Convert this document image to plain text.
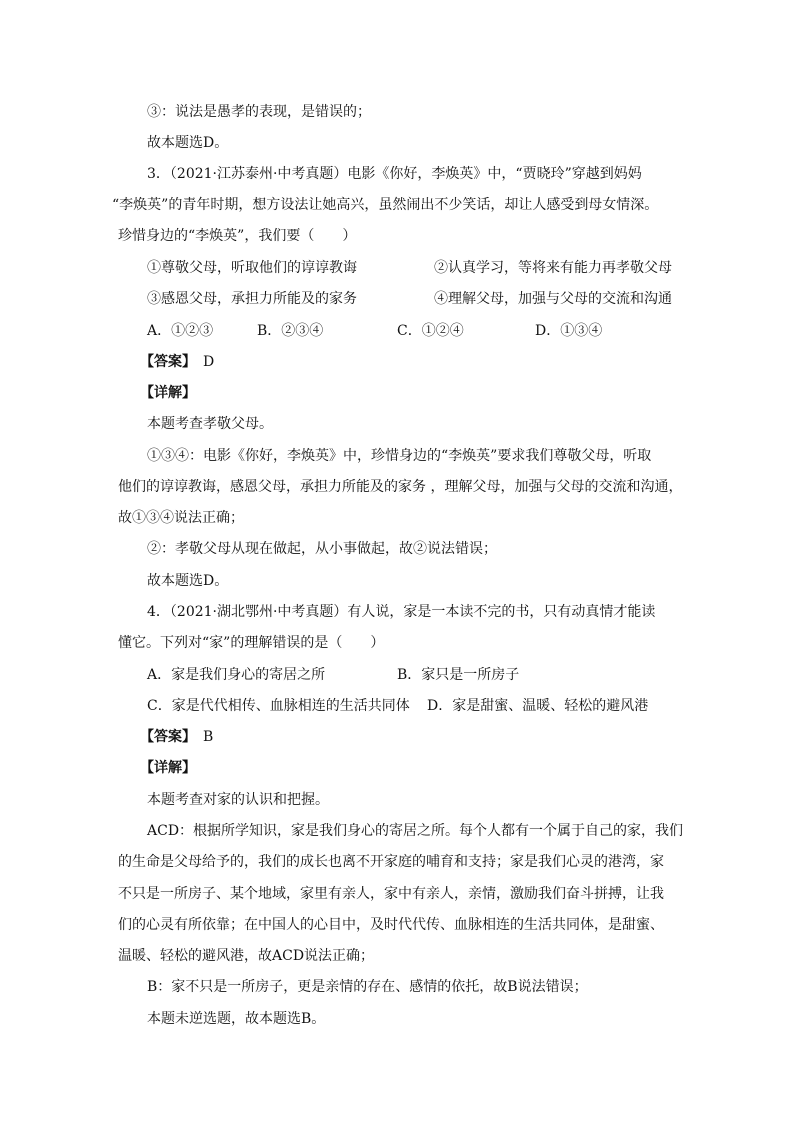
③：说法是愚孝的表现，是错误的；
故本题选D。
3．（2021·江苏泰州·中考真题）电影《你好，李焕英》中，“贾晓玲”穿越到妈妈
“李焕英”的青年时期，想方设法让她高兴，虽然闹出不少笑话，却让人感受到母女情深。
珍惜身边的“李焕英”，我们要（　　）
①尊敬父母，听取他们的谆谆教诲	②认真学习，等将来有能力再孝敬父母
③感恩父母，承担力所能及的家务	④理解父母，加强与父母的交流和沟通
A．①②③	B．②③④	C．①②④	D．①③④
【答案】 D
【详解】
本题考查孝敬父母。
①③④：电影《你好，李焕英》中，珍惜身边的“李焕英”要求我们尊敬父母，听取
他们的谆谆教诲，感恩父母，承担力所能及的家务 ，理解父母，加强与父母的交流和沟通，
故①③④说法正确；
②：孝敬父母从现在做起，从小事做起，故②说法错误；
故本题选D。
4．（2021·湖北鄂州·中考真题）有人说，家是一本读不完的书，只有动真情才能读
懂它。下列对“家”的理解错误的是（　　）
A．家是我们身心的寄居之所	B．家只是一所房子
C．家是代代相传、血脉相连的生活共同体 D．家是甜蜜、温暖、轻松的避风港
【答案】 B
【详解】
本题考查对家的认识和把握。
ACD：根据所学知识，家是我们身心的寄居之所。每个人都有一个属于自己的家，我们
的生命是父母给予的，我们的成长也离不开家庭的哺育和支持；家是我们心灵的港湾，家
不只是一所房子、某个地域，家里有亲人，家中有亲人，亲情，激励我们奋斗拼搏，让我
们的心灵有所依靠；在中国人的心目中，及时代代传、血脉相连的生活共同体，是甜蜜、
温暖、轻松的避风港，故ACD说法正确；
B：家不只是一所房子，更是亲情的存在、感情的依托，故B说法错误；
本题未逆选题，故本题选B。
